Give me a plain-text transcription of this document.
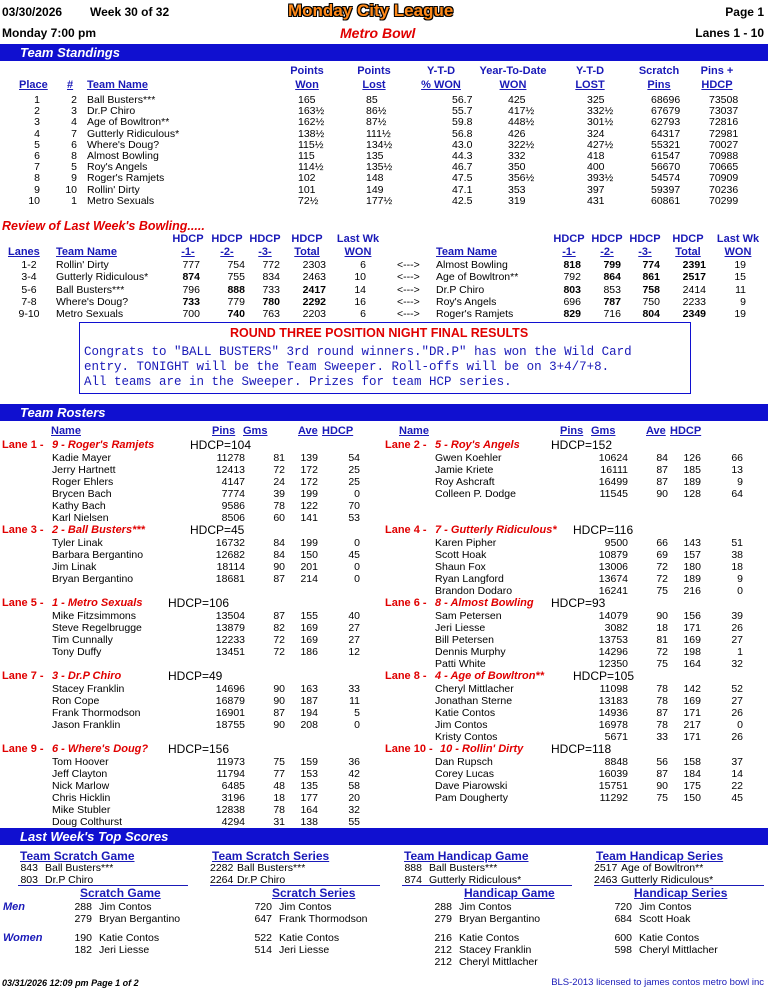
03/30/2026 Week 30 of 32	Monday City League	Page 1
Monday 7:00 pm	Metro Bowl	Lanes 1 - 10
Team Standings
Points
Won
Points
Lost
Y-T-D
% WON
Year-To-Date
WON
Y-T-D
LOST
Scratch
Pins
Pins +
HDCP
Place # Team Name
1	2 Ball Busters***	165	85	56.7	425	325	68696	73508
2	3 Dr.P Chiro	163½	86½	55.7	417½	332½	67679	73037
3	4 Age of Bowltron**	162½	87½	59.8	448½	301½	62793	72816
4	7 Gutterly Ridiculous*	138½	111½	56.8	426	324	64317	72981
5	6 Where's Doug?	115½	134½	43.0	322½	427½	55321	70027
6	8 Almost Bowling	115	135	44.3	332	418	61547	70988
7	5 Roy's Angels	114½	135½	46.7	350	400	56670	70665
8	9 Roger's Ramjets	102	148	47.5	356½	393½	54574	70909
9	10 Rollin' Dirty	101	149	47.1	353	397	59397	70236
10	1 Metro Sexuals	72½	177½	42.5	319	431	60861	70299
Review of Last Week's Bowling.....
Lanes Team Name	Team Name
HDCP
-1-
HDCP
-1-
HDCP
-2-
HDCP
-2-
HDCP
-3-
HDCP
-3-
HDCP
Total
HDCP
Total
Last Wk
WON
Last Wk
WON
1-2	Rollin' Dirty	777	754	772	2303	6	<---> Almost Bowling	818	799	774	2391	19
3-4	Gutterly Ridiculous*	874	755	834	2463	10	<---> Age of Bowltron**	792	864	861	2517	15
5-6	Ball Busters***	796	888	733	2417	14	<---> Dr.P Chiro	803	853	758	2414	11
7-8	Where's Doug?	733	779	780	2292	16	<---> Roy's Angels	696	787	750	2233	9
9-10	Metro Sexuals	700	740	763	2203	6	<---> Roger's Ramjets	829	716	804	2349	19
ROUND THREE POSITION NIGHT FINAL RESULTS
Congrats to "BALL BUSTERS" 3rd round winners."DR.P" has won the Wild Card
entry. TONIGHT will be the Team Sweeper. Roll-offs will be on 3+4/7+8.
All teams are in the Sweeper. Prizes for team HCP series.
Team Rosters
Name	Pins Gms	Ave HDCP	Name	Pins Gms	Ave HDCP
Lane 1 - 9 - Roger's Ramjets	HDCP=104
Kadie Mayer	11278	81	139	54
Jerry Hartnett	12413	72	172	25
Roger Ehlers	4147	24	172	25
Brycen Bach	7774	39	199	0
Kathy Bach	9586	78	122	70
Karl Nielsen	8506	60	141	53
Lane 3 - 2 - Ball Busters***	HDCP=45
Tyler Linak	16732	84	199	0
Barbara Bergantino	12682	84	150	45
Jim Linak	18114	90	201	0
Bryan Bergantino	18681	87	214	0
Lane 5 - 1 - Metro Sexuals HDCP=106
Mike Fitzsimmons	13504	87	155	40
Steve Regelbrugge	13879	82	169	27
Tim Cunnally	12233	72	169	27
Tony Duffy	13451	72	186	12
Lane 7 - 3 - Dr.P Chiro	HDCP=49
Stacey Franklin	14696	90	163	33
Ron Cope	16879	90	187	11
Frank Thormodson	16901	87	194	5
Jason Franklin	18755	90	208	0
Lane 9 - 6 - Where's Doug? HDCP=156
Tom Hoover	11973	75	159	36
Jeff Clayton	11794	77	153	42
Nick Marlow	6485	48	135	58
Chris Hicklin	3196	18	177	20
Mike Stubler	12838	78	164	32
Doug Colthurst	4294	31	138	55
Lane 2 - 5 - Roy's Angels	HDCP=152
Gwen Koehler	10624	84	126	66
Jamie Kriete	16111	87	185	13
Roy Ashcraft	16499	87	189	9
Colleen P. Dodge	11545	90	128	64
Lane 4 - 7 - Gutterly Ridiculous* HDCP=116
Karen Pipher	9500	66	143	51
Scott Hoak	10879	69	157	38
Shaun Fox	13006	72	180	18
Ryan Langford	13674	72	189	9
Brandon Dodaro	16241	75	216	0
Lane 6 - 8 - Almost Bowling HDCP=93
Sam Petersen	14079	90	156	39
Jeri Liesse	3082	18	171	26
Bill Petersen	13753	81	169	27
Dennis Murphy	14296	72	198	1
Patti White	12350	75	164	32
Lane 8 - 4 - Age of Bowltron** HDCP=105
Cheryl Mittlacher	11098	78	142	52
Jonathan Sterne	13183	78	169	27
Katie Contos	14936	87	171	26
Jim Contos	16978	78	217	0
Kristy Contos	5671	33	171	26
Lane 10 - 10 - Rollin' Dirty HDCP=118
Dan Rupsch	8848	56	158	37
Corey Lucas	16039	87	184	14
Dave Piarowski	15751	90	175	22
Pam Dougherty	11292	75	150	45
Last Week's Top Scores
Team Scratch Game
843 Ball Busters***
803 Dr.P Chiro
Team Scratch Series
2282 Ball Busters***
2264 Dr.P Chiro
Team Handicap Game
888 Ball Busters***
874 Gutterly Ridiculous*
Team Handicap Series
2517 Age of Bowltron**
2463 Gutterly Ridiculous*
Men
Women
Scratch Game
288 Jim Contos
279 Bryan Bergantino
190 Katie Contos
182 Jeri Liesse
Scratch Series
720 Jim Contos
647 Frank Thormodson
522 Katie Contos
514 Jeri Liesse
Handicap Game
288 Jim Contos
279 Bryan Bergantino
216 Katie Contos
212 Stacey Franklin
212 Cheryl Mittlacher
Handicap Series
720 Jim Contos
684 Scott Hoak
600 Katie Contos
598 Cheryl Mittlacher
03/31/2026 12:09 pm Page 1 of 2	BLS-2013 licensed to james contos metro bowl inc
